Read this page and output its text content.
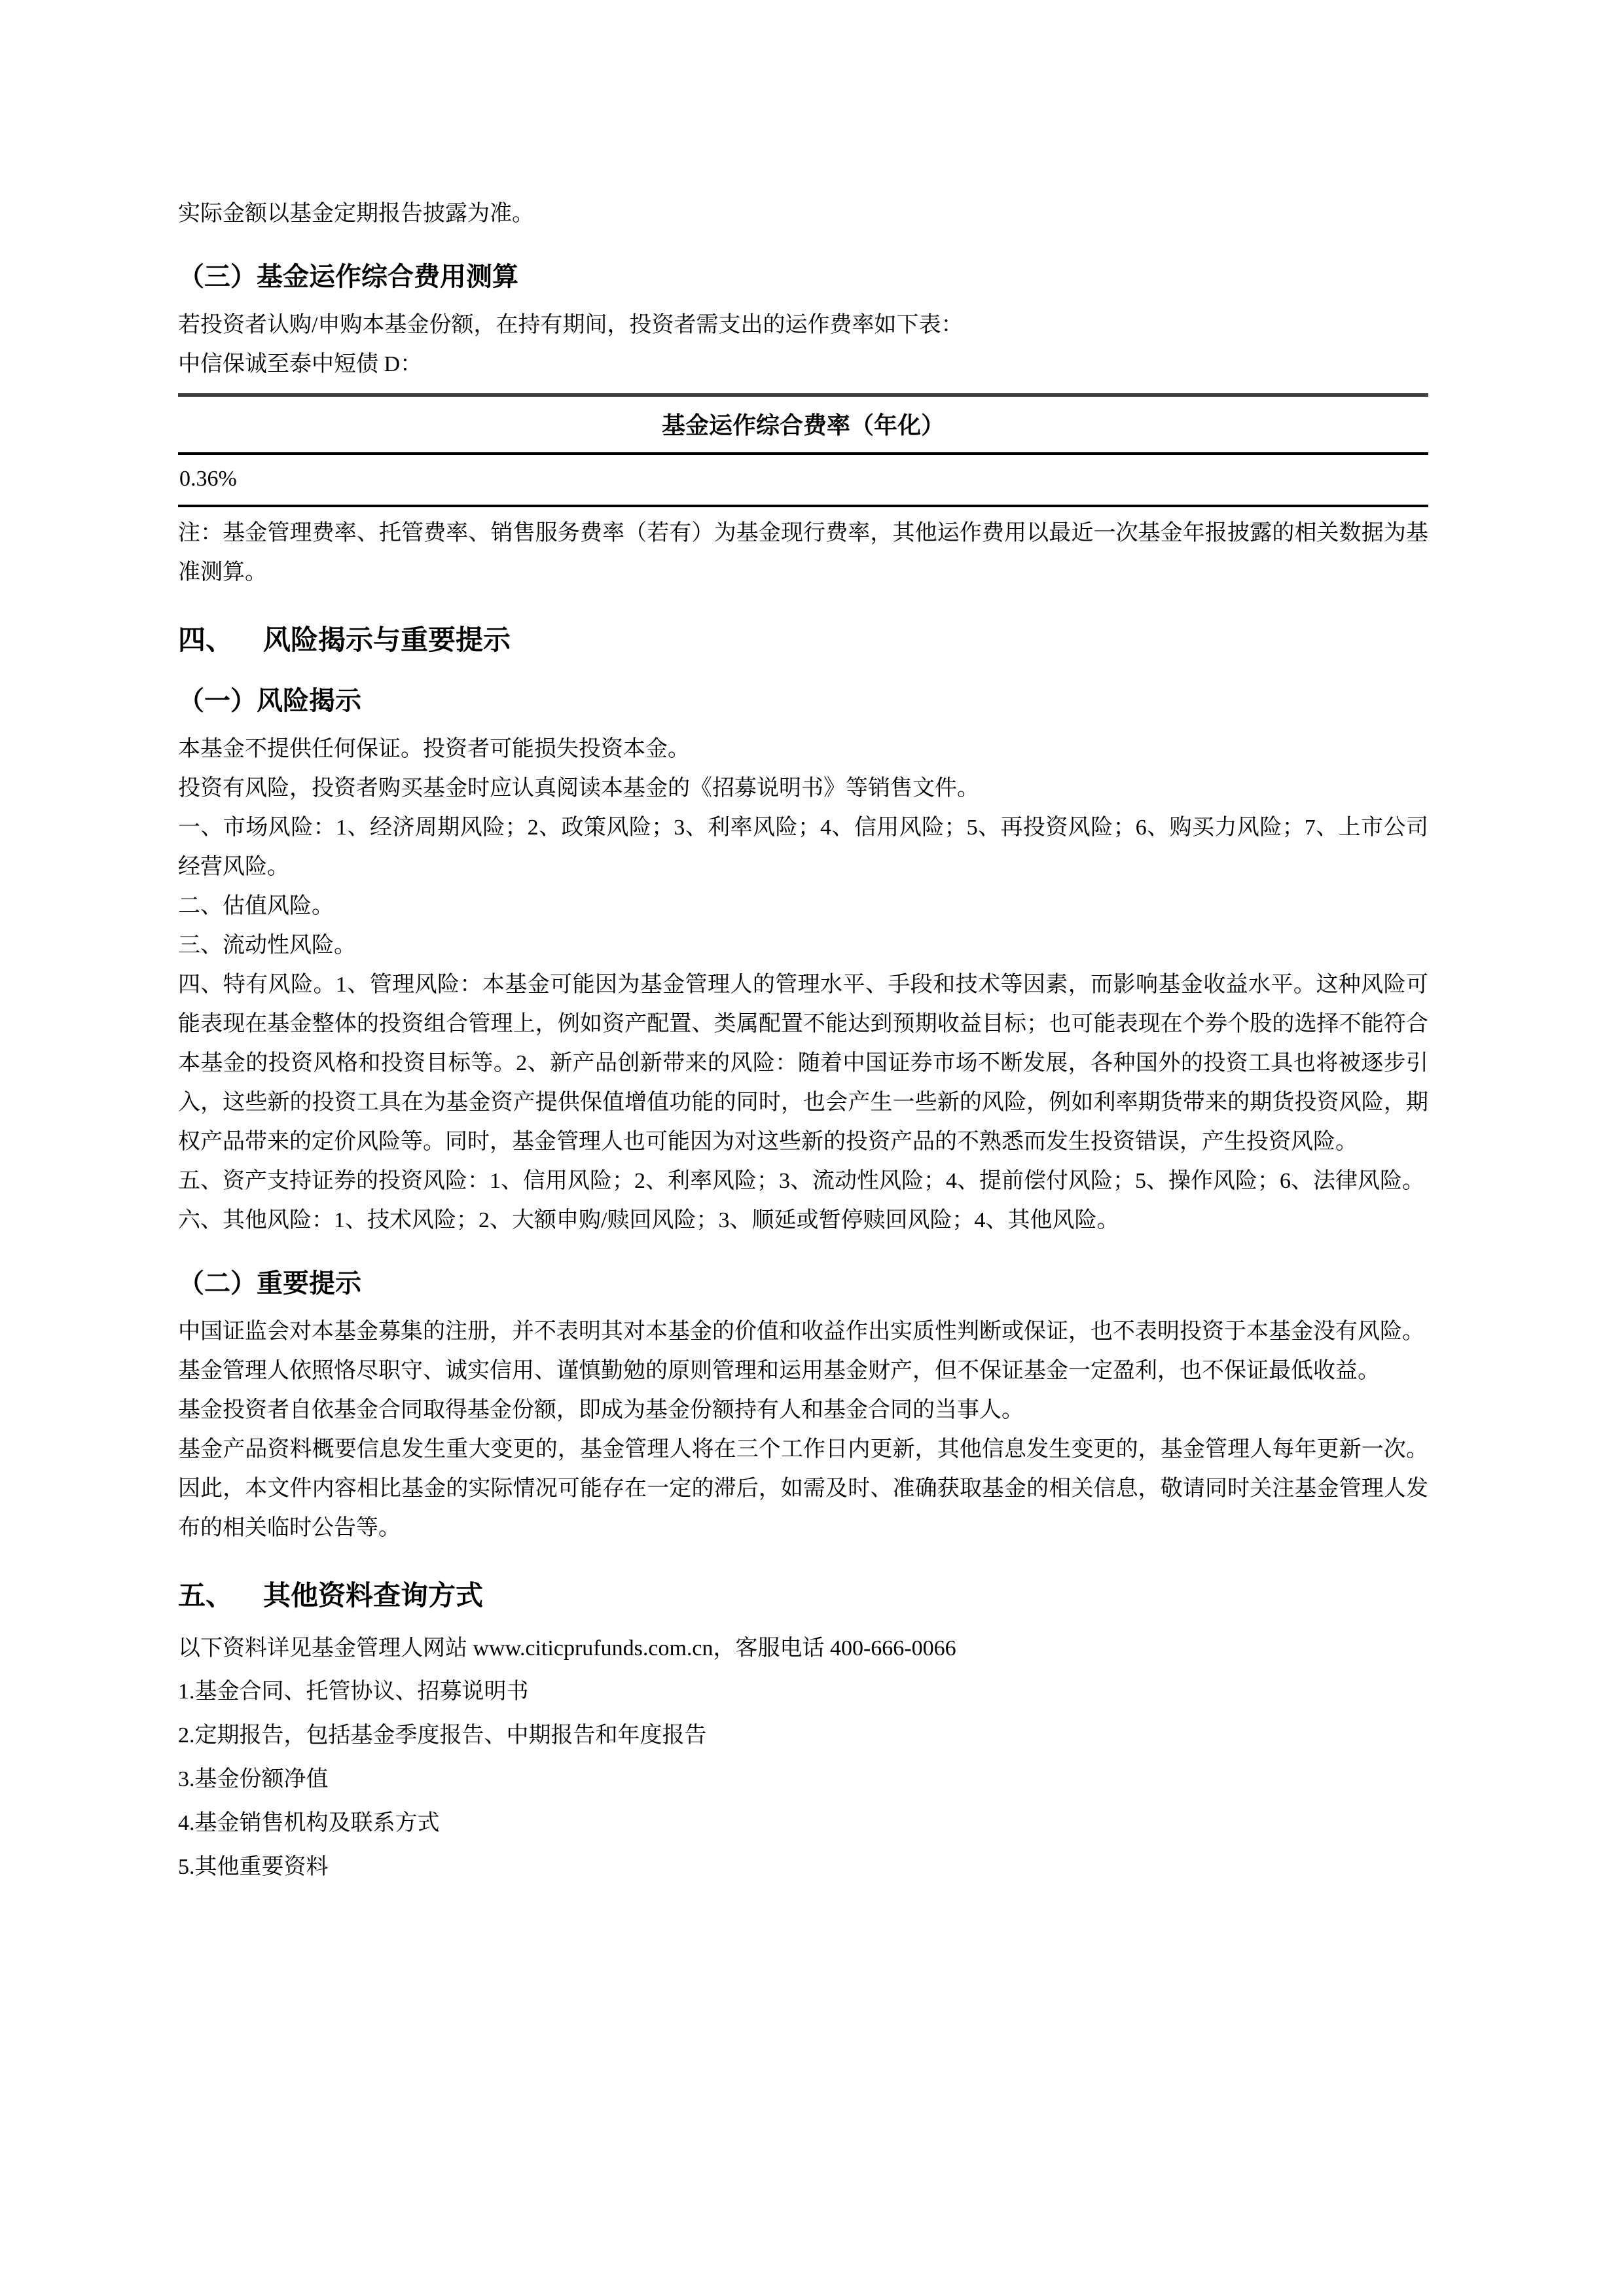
实际金额以基金定期报告披露为准。

（三）基金运作综合费用测算

若投资者认购/申购本基金份额，在持有期间，投资者需支出的运作费率如下表：

中信保诚至泰中短债 D：

基金运作综合费率（年化）
0.36%

注：基金管理费率、托管费率、销售服务费率（若有）为基金现行费率，其他运作费用以最近一次基金年报披露的相关数据为基准测算。

四、 风险揭示与重要提示
（一）风险揭示

本基金不提供任何保证。投资者可能损失投资本金。

投资有风险，投资者购买基金时应认真阅读本基金的《招募说明书》等销售文件。

一、市场风险：1、经济周期风险；2、政策风险；3、利率风险；4、信用风险；5、再投资风险；6、购买力风险；7、上市公司经营风险。

二、估值风险。

三、流动性风险。

四、特有风险。1、管理风险：本基金可能因为基金管理人的管理水平、手段和技术等因素，而影响基金收益水平。这种风险可能表现在基金整体的投资组合管理上，例如资产配置、类属配置不能达到预期收益目标；也可能表现在个券个股的选择不能符合本基金的投资风格和投资目标等。2、新产品创新带来的风险：随着中国证券市场不断发展，各种国外的投资工具也将被逐步引入，这些新的投资工具在为基金资产提供保值增值功能的同时，也会产生一些新的风险，例如利率期货带来的期货投资风险，期权产品带来的定价风险等。同时，基金管理人也可能因为对这些新的投资产品的不熟悉而发生投资错误，产生投资风险。

五、资产支持证券的投资风险：1、信用风险；2、利率风险；3、流动性风险；4、提前偿付风险；5、操作风险；6、法律风险。

六、其他风险：1、技术风险；2、大额申购/赎回风险；3、顺延或暂停赎回风险；4、其他风险。

（二）重要提示

中国证监会对本基金募集的注册，并不表明其对本基金的价值和收益作出实质性判断或保证，也不表明投资于本基金没有风险。

基金管理人依照恪尽职守、诚实信用、谨慎勤勉的原则管理和运用基金财产，但不保证基金一定盈利，也不保证最低收益。

基金投资者自依基金合同取得基金份额，即成为基金份额持有人和基金合同的当事人。

基金产品资料概要信息发生重大变更的，基金管理人将在三个工作日内更新，其他信息发生变更的，基金管理人每年更新一次。因此，本文件内容相比基金的实际情况可能存在一定的滞后，如需及时、准确获取基金的相关信息，敬请同时关注基金管理人发布的相关临时公告等。

五、 其他资料查询方式

以下资料详见基金管理人网站 www.citicprufunds.com.cn，客服电话 400-666-0066

1.基金合同、托管协议、招募说明书

2.定期报告，包括基金季度报告、中期报告和年度报告

3.基金份额净值

4.基金销售机构及联系方式

5.其他重要资料
